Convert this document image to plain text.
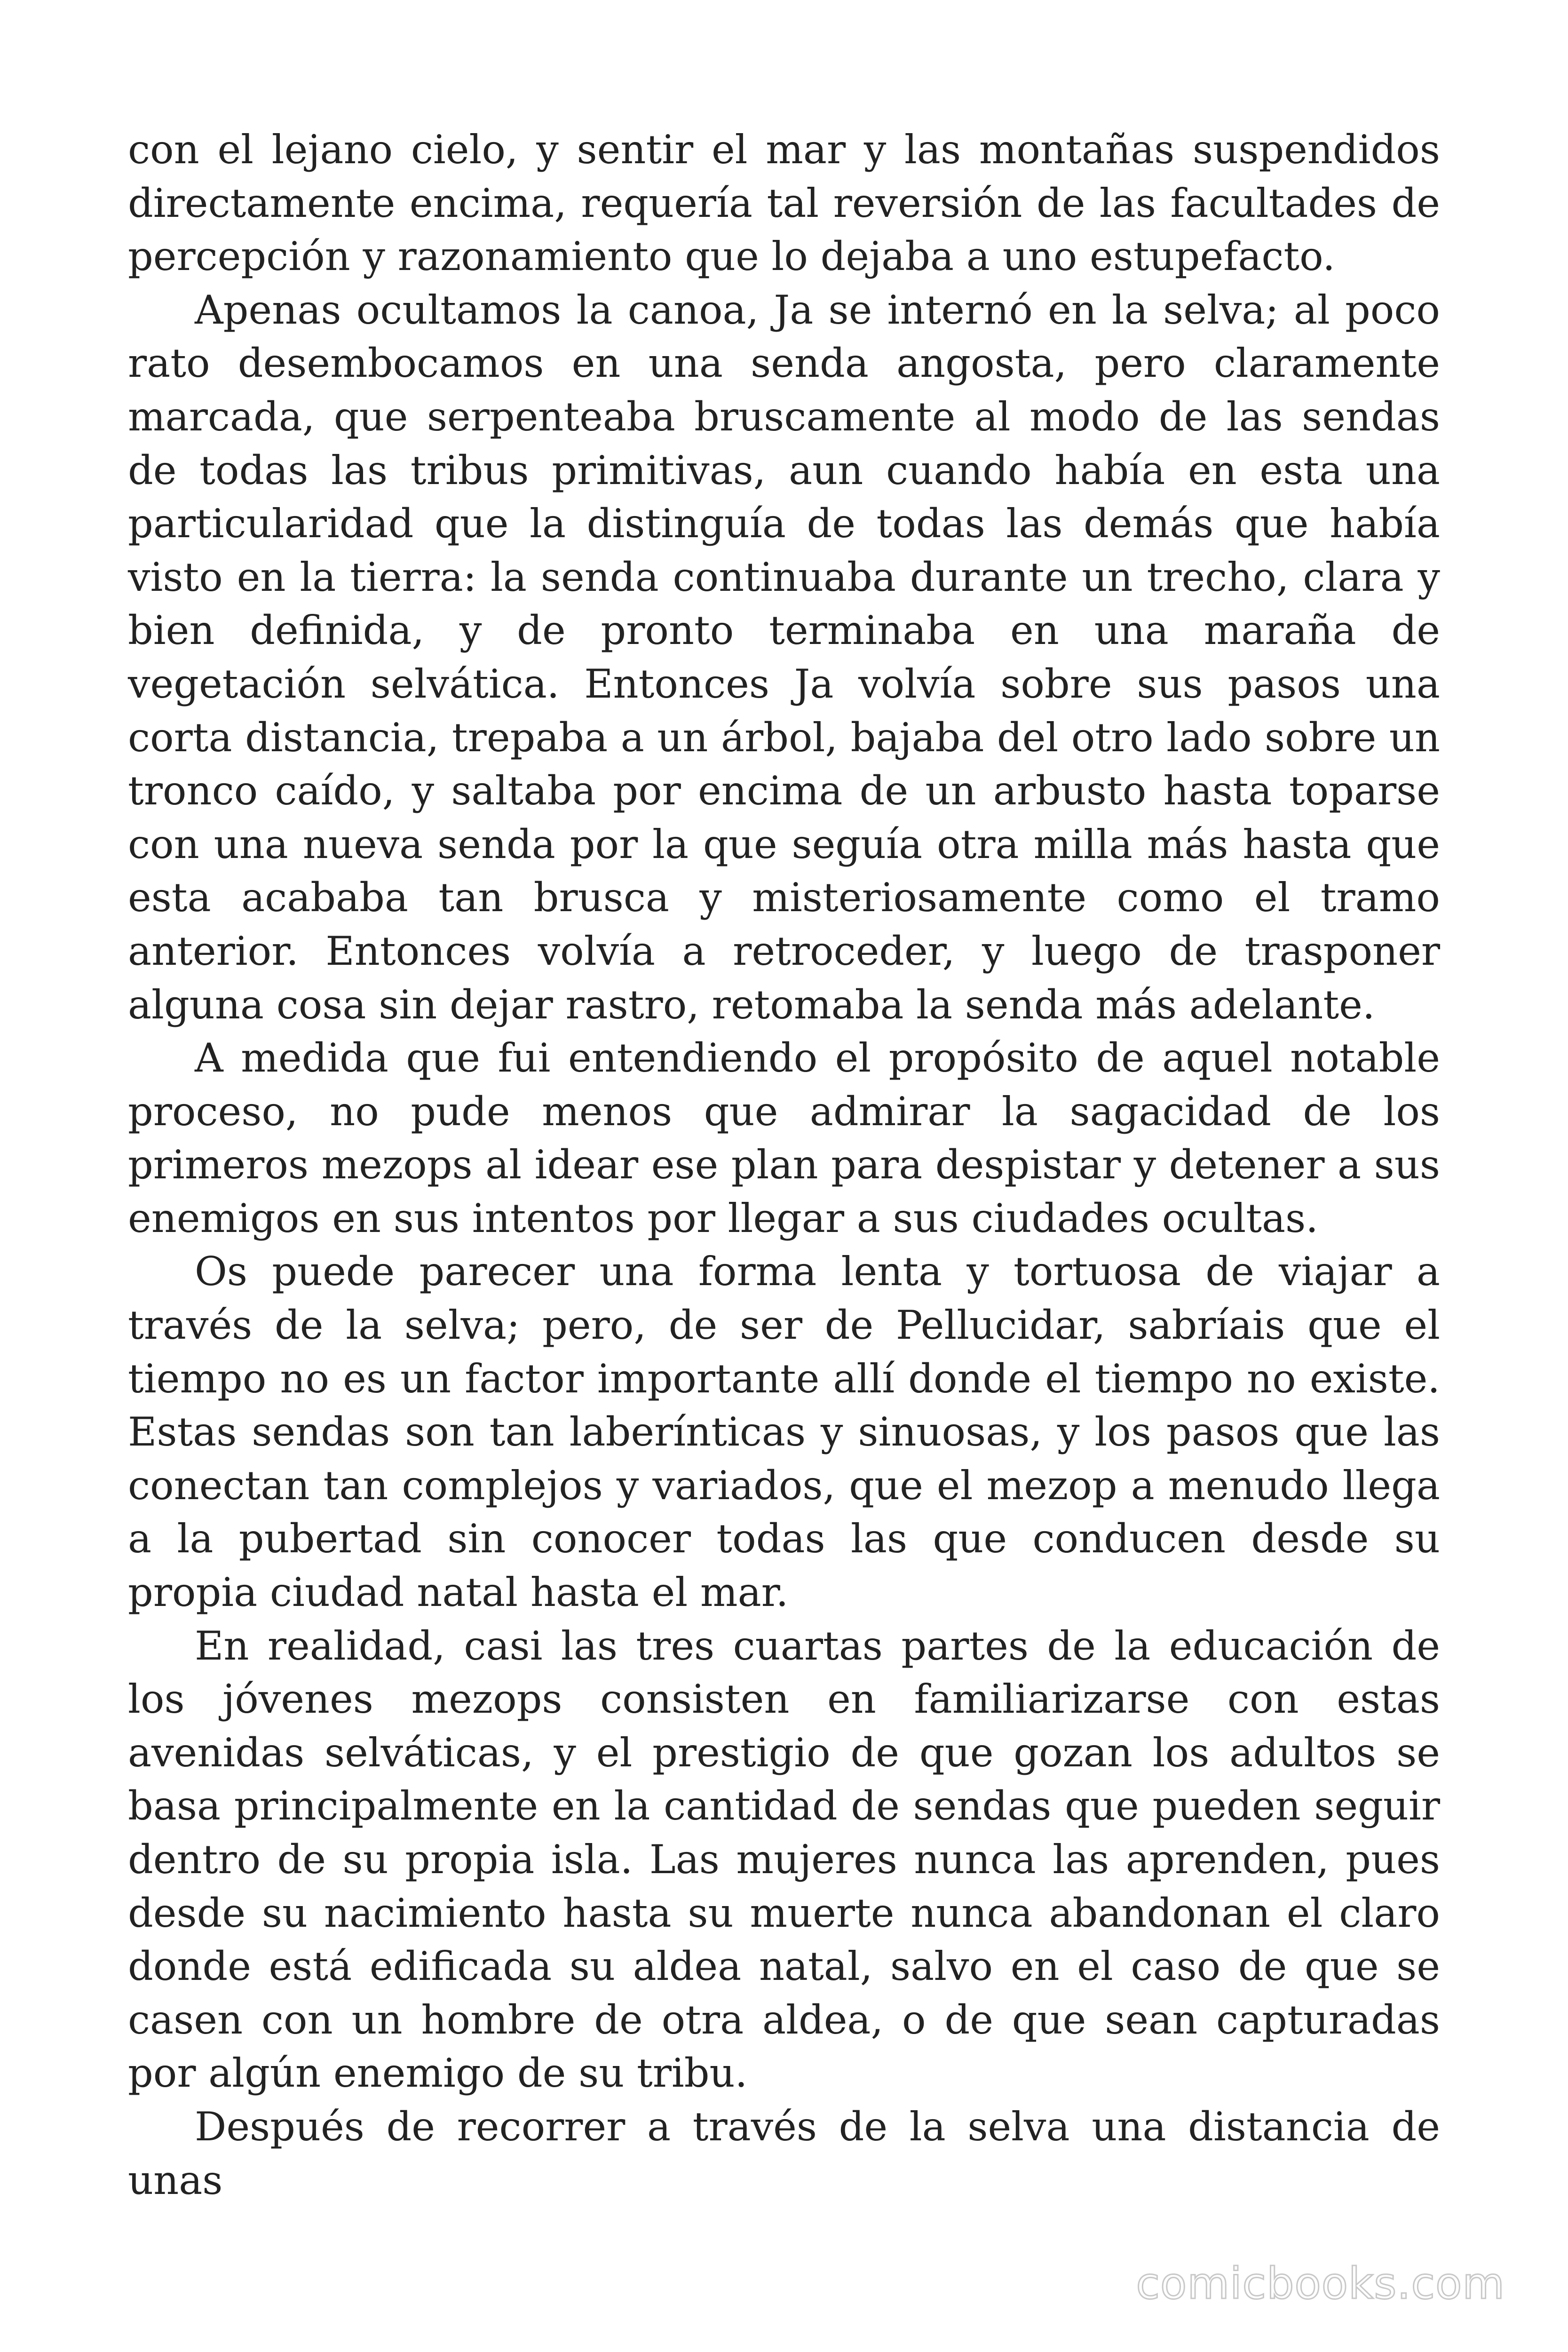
con el lejano cielo, y sentir el mar y las montañas suspendidos directamente encima, requería tal reversión de las facultades de percepción y razonamiento que lo dejaba a uno estupefacto.

Apenas ocultamos la canoa, Ja se internó en la selva; al poco rato desembocamos en una senda angosta, pero claramente marcada, que serpenteaba bruscamente al modo de las sendas de todas las tribus primitivas, aun cuando había en esta una particularidad que la distinguía de todas las demás que había visto en la tierra: la senda continuaba durante un trecho, clara y bien definida, y de pronto terminaba en una maraña de vegetación selvática. Entonces Ja volvía sobre sus pasos una corta distancia, trepaba a un árbol, bajaba del otro lado sobre un tronco caído, y saltaba por encima de un arbusto hasta toparse con una nueva senda por la que seguía otra milla más hasta que esta acababa tan brusca y misteriosamente como el tramo anterior. Entonces volvía a retroceder, y luego de trasponer alguna cosa sin dejar rastro, retomaba la senda más adelante.

A medida que fui entendiendo el propósito de aquel notable proceso, no pude menos que admirar la sagacidad de los primeros mezops al idear ese plan para despistar y detener a sus enemigos en sus intentos por llegar a sus ciudades ocultas.

Os puede parecer una forma lenta y tortuosa de viajar a través de la selva; pero, de ser de Pellucidar, sabríais que el tiempo no es un factor importante allí donde el tiempo no existe. Estas sendas son tan laberínticas y sinuosas, y los pasos que las conectan tan complejos y variados, que el mezop a menudo llega a la pubertad sin conocer todas las que conducen desde su propia ciudad natal hasta el mar.

En realidad, casi las tres cuartas partes de la educación de los jóvenes mezops consisten en familiarizarse con estas avenidas selváticas, y el prestigio de que gozan los adultos se basa principalmente en la cantidad de sendas que pueden seguir dentro de su propia isla. Las mujeres nunca las aprenden, pues desde su nacimiento hasta su muerte nunca abandonan el claro donde está edificada su aldea natal, salvo en el caso de que se casen con un hombre de otra aldea, o de que sean capturadas por algún enemigo de su tribu.

Después de recorrer a través de la selva una distancia de unas

comicbooks.com
